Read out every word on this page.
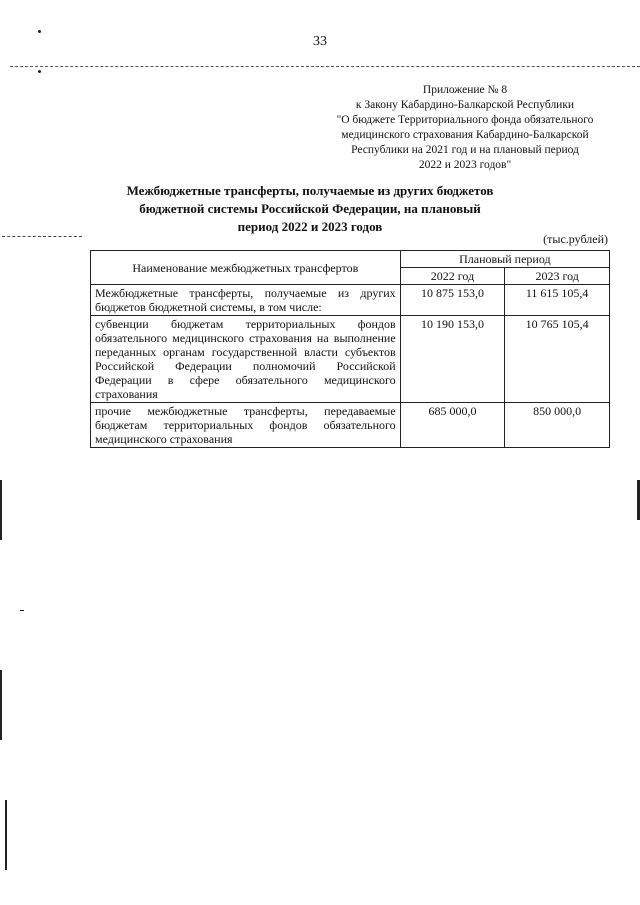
33
Приложение № 8
к Закону Кабардино-Балкарской Республики
"О бюджете Территориального фонда обязательного
медицинского страхования Кабардино-Балкарской
Республики на 2021 год и на плановый период
2022 и 2023 годов"
Межбюджетные трансферты, получаемые из других бюджетов
бюджетной системы Российской Федерации, на плановый
период 2022 и 2023 годов
(тыс.рублей)
Наименование межбюджетных трансфертов	Плановый период	
	2022 год	2023 год
Межбюджетные трансферты, получаемые из других бюджетов бюджетной системы, в том числе:	10 875 153,0	11 615 105,4
субвенции бюджетам территориальных фондов обязательного медицинского страхования на выполнение переданных органам государственной власти субъектов Российской Федерации полномочий Российской Федерации в сфере обязательного медицинского страхования	10 190 153,0	10 765 105,4
прочие межбюджетные трансферты, передаваемые бюджетам территориальных фондов обязательного медицинского страхования	685 000,0	850 000,0
